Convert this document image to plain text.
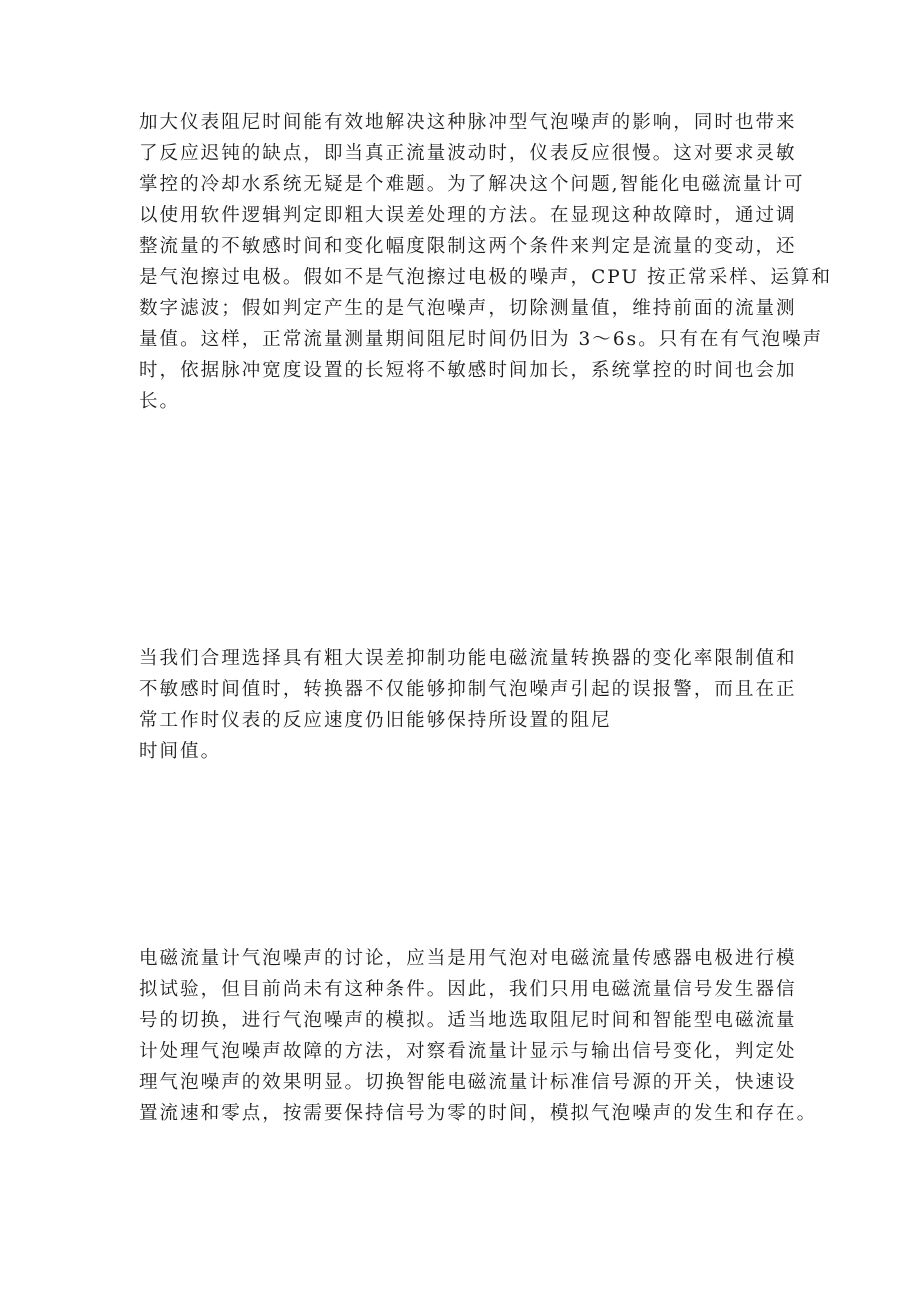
加大仪表阻尼时间能有效地解决这种脉冲型气泡噪声的影响，同时也带来
了反应迟钝的缺点，即当真正流量波动时，仪表反应很慢。这对要求灵敏
掌控的冷却水系统无疑是个难题。为了解决这个问题,智能化电磁流量计可
以使用软件逻辑判定即粗大误差处理的方法。在显现这种故障时，通过调
整流量的不敏感时间和变化幅度限制这两个条件来判定是流量的变动，还
是气泡擦过电极。假如不是气泡擦过电极的噪声，CPU 按正常采样、运算和
数字滤波；假如判定产生的是气泡噪声，切除测量值，维持前面的流量测
量值。这样，正常流量测量期间阻尼时间仍旧为 3～6s。只有在有气泡噪声
时，依据脉冲宽度设置的长短将不敏感时间加长，系统掌控的时间也会加
长。
当我们合理选择具有粗大误差抑制功能电磁流量转换器的变化率限制值和
不敏感时间值时，转换器不仅能够抑制气泡噪声引起的误报警，而且在正
常工作时仪表的反应速度仍旧能够保持所设置的阻尼
时间值。
电磁流量计气泡噪声的讨论，应当是用气泡对电磁流量传感器电极进行模
拟试验，但目前尚未有这种条件。因此，我们只用电磁流量信号发生器信
号的切换，进行气泡噪声的模拟。适当地选取阻尼时间和智能型电磁流量
计处理气泡噪声故障的方法，对察看流量计显示与输出信号变化，判定处
理气泡噪声的效果明显。切换智能电磁流量计标准信号源的开关，快速设
置流速和零点，按需要保持信号为零的时间，模拟气泡噪声的发生和存在。
